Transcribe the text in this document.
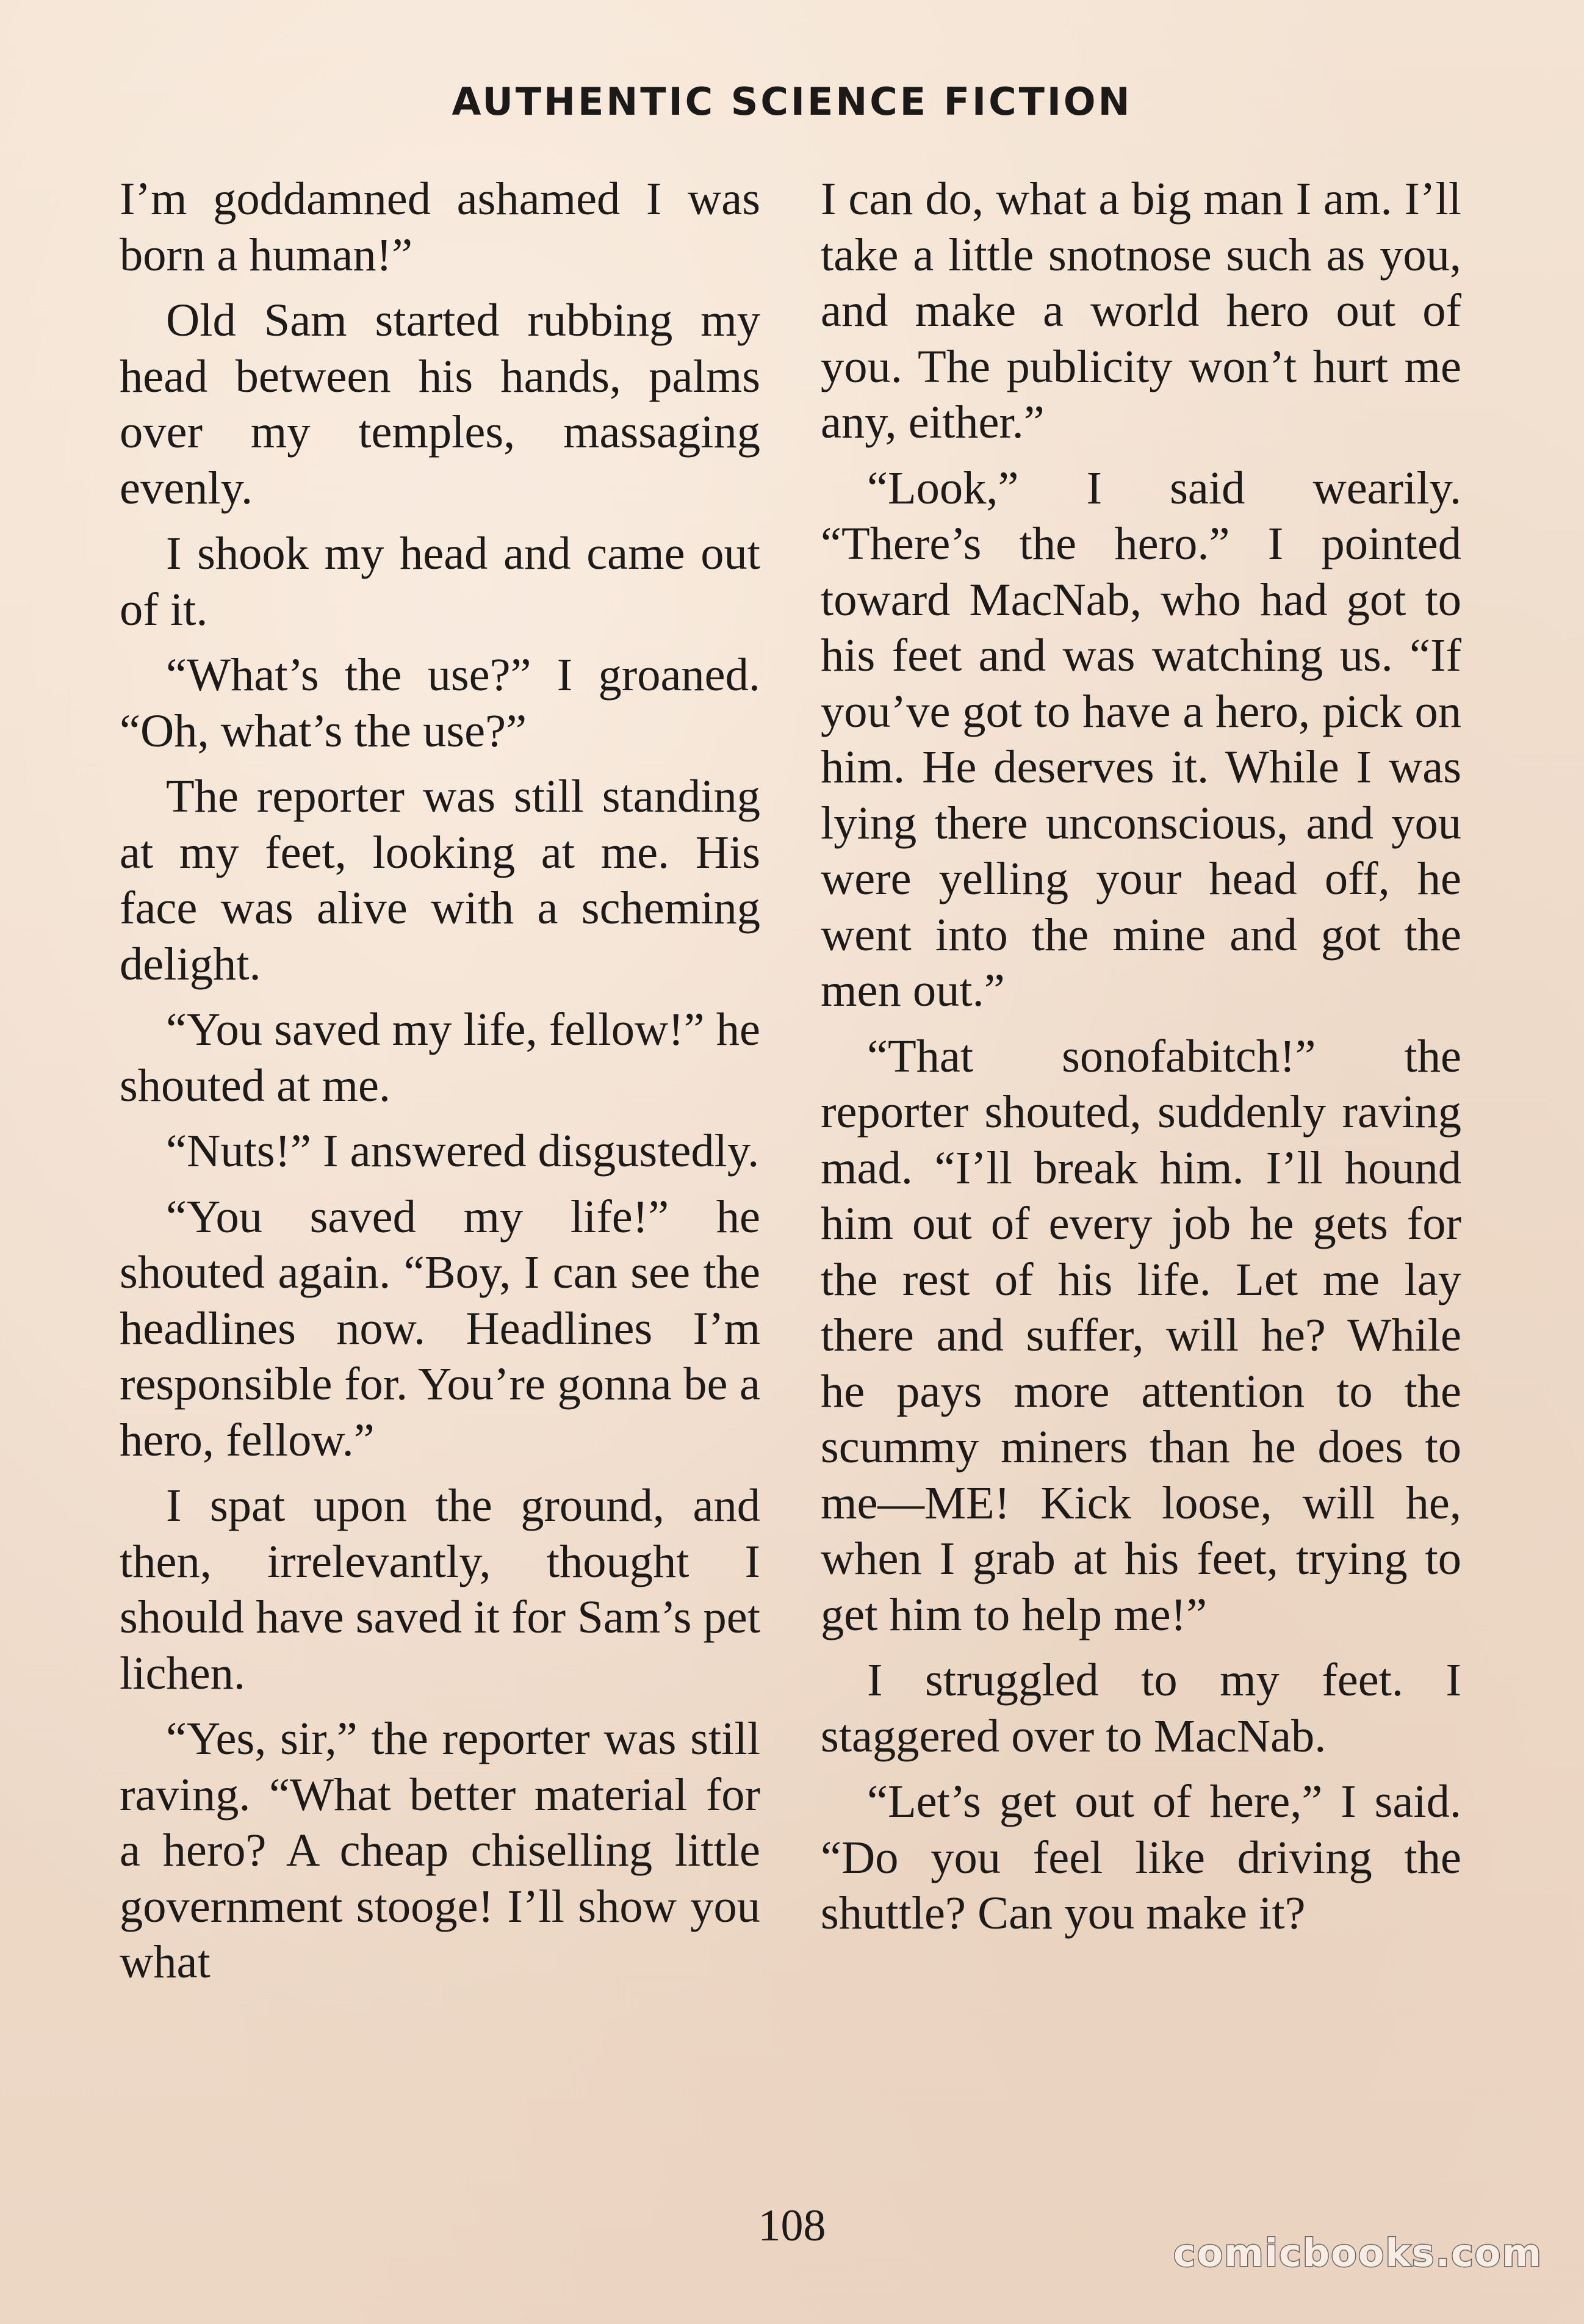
AUTHENTIC SCIENCE FICTION

I’m goddamned ashamed I was born a human!”

Old Sam started rubbing my head between his hands, palms over my temples, massaging evenly.

I shook my head and came out of it.

“What’s the use?” I groaned. “Oh, what’s the use?”

The reporter was still standing at my feet, looking at me. His face was alive with a scheming delight.

“You saved my life, fellow!” he shouted at me.

“Nuts!” I answered disgustedly.

“You saved my life!” he shouted again. “Boy, I can see the headlines now. Headlines I’m responsible for. You’re gonna be a hero, fellow.”

I spat upon the ground, and then, irrelevantly, thought I should have saved it for Sam’s pet lichen.

“Yes, sir,” the reporter was still raving. “What better material for a hero? A cheap chiselling little government stooge! I’ll show you what

I can do, what a big man I am. I’ll take a little snotnose such as you, and make a world hero out of you. The publicity won’t hurt me any, either.”

“Look,” I said wearily. “There’s the hero.” I pointed toward MacNab, who had got to his feet and was watching us. “If you’ve got to have a hero, pick on him. He deserves it. While I was lying there unconscious, and you were yelling your head off, he went into the mine and got the men out.”

“That sonofabitch!” the reporter shouted, suddenly raving mad. “I’ll break him. I’ll hound him out of every job he gets for the rest of his life. Let me lay there and suffer, will he? While he pays more attention to the scummy miners than he does to me—ME! Kick loose, will he, when I grab at his feet, trying to get him to help me!”

I struggled to my feet. I staggered over to MacNab.

“Let’s get out of here,” I said. “Do you feel like driving the shuttle? Can you make it?

108
comicbooks.com
